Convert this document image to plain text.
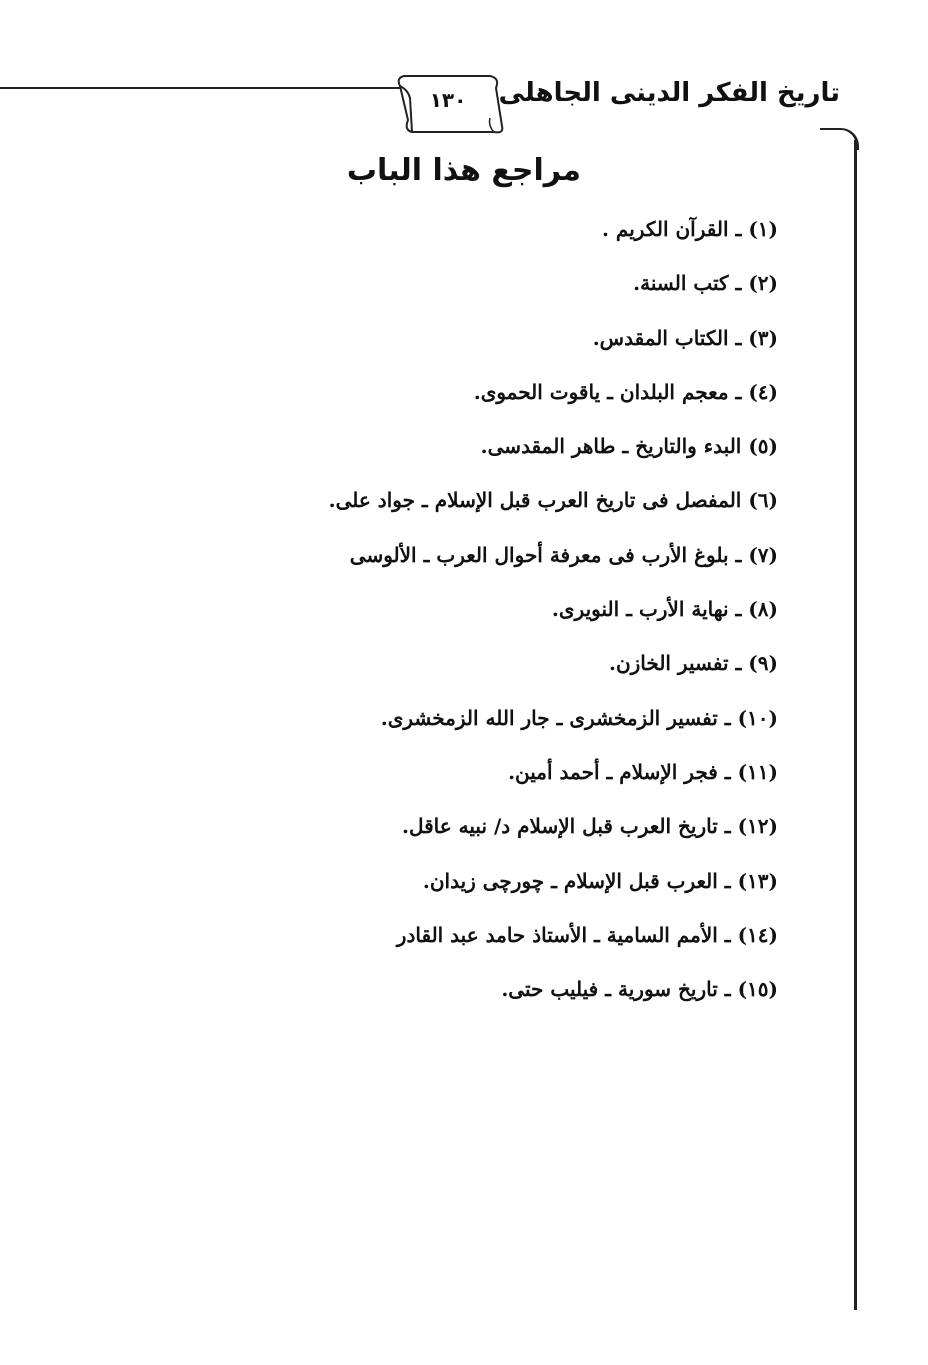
١٣٠	تاريخ الفكر الدينى الجاهلى
مراجع هذا الباب
(١) ـ القرآن الكريم .
(٢) ـ كتب السنة.
(٣) ـ الكتاب المقدس.
(٤) ـ معجم البلدان ـ ياقوت الحموى.
(٥) البدء والتاريخ ـ طاهر المقدسى.
(٦) المفصل فى تاريخ العرب قبل الإسلام ـ جواد على.
(٧) ـ بلوغ الأرب فى معرفة أحوال العرب ـ الألوسى
(٨) ـ نهاية الأرب ـ النويرى.
(٩) ـ تفسير الخازن.
(١٠) ـ تفسير الزمخشرى ـ جار الله الزمخشرى.
(١١) ـ فجر الإسلام ـ أحمد أمين.
(١٢) ـ تاريخ العرب قبل الإسلام د/ نبيه عاقل.
(١٣) ـ العرب قبل الإسلام ـ چورچى زيدان.
(١٤) ـ الأمم السامية ـ الأستاذ حامد عبد القادر
(١٥) ـ تاريخ سورية ـ فيليب حتى.
